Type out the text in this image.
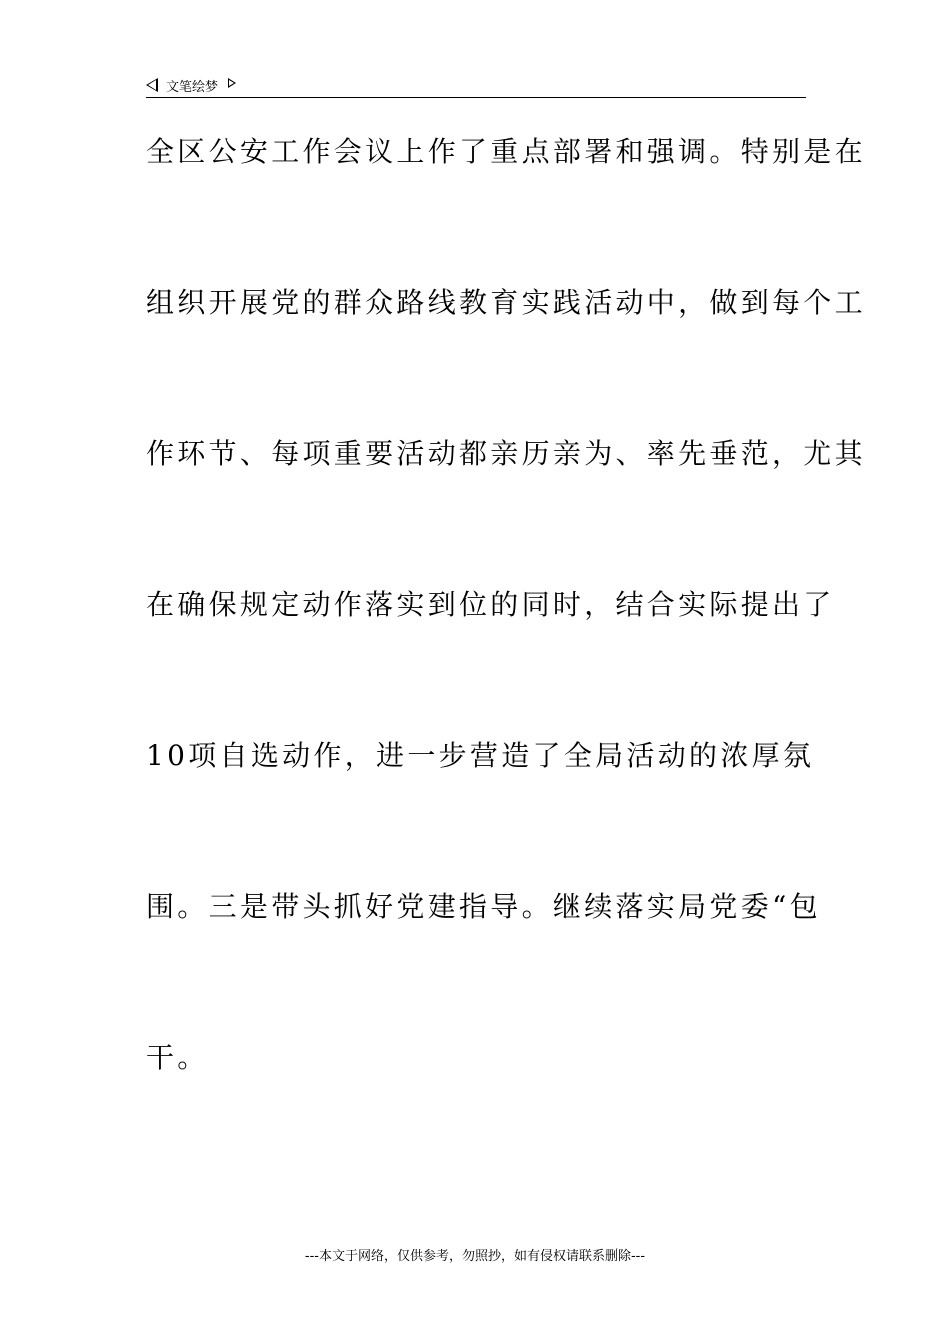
文笔绘梦
全区公安工作会议上作了重点部署和强调。特别是在
组织开展党的群众路线教育实践活动中，做到每个工
作环节、每项重要活动都亲历亲为、率先垂范，尤其
在确保规定动作落实到位的同时，结合实际提出了
10项自选动作，进一步营造了全局活动的浓厚氛
围。三是带头抓好党建指导。继续落实局党委“包
干。
---本文于网络，仅供参考，勿照抄，如有侵权请联系删除---
